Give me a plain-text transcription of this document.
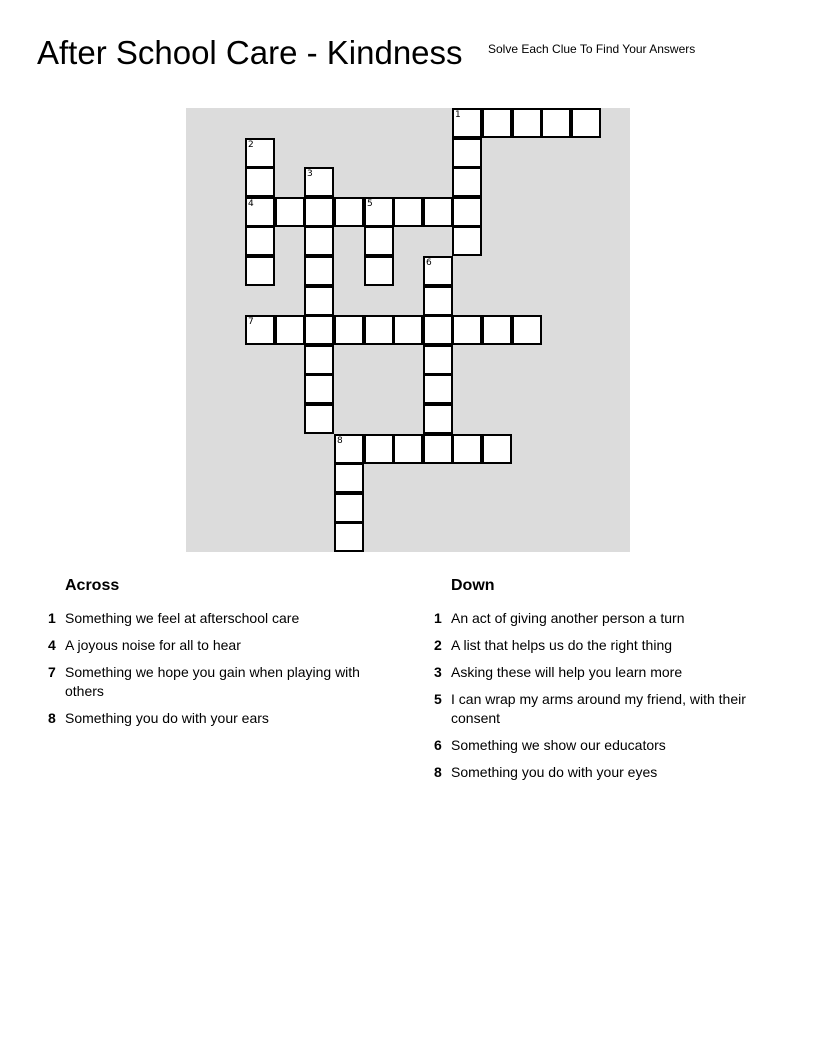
After School Care - Kindness Solve Each Clue To Find Your Answers
1
2
4
3
5
6
7
8
Across
1 Something we feel at afterschool care
4 A joyous noise for all to hear
7 Something we hope you gain when playing with others
8 Something you do with your ears
Down
1 An act of giving another person a turn
2 A list that helps us do the right thing
3 Asking these will help you learn more
5 I can wrap my arms around my friend, with their consent
6 Something we show our educators
8 Something you do with your eyes
